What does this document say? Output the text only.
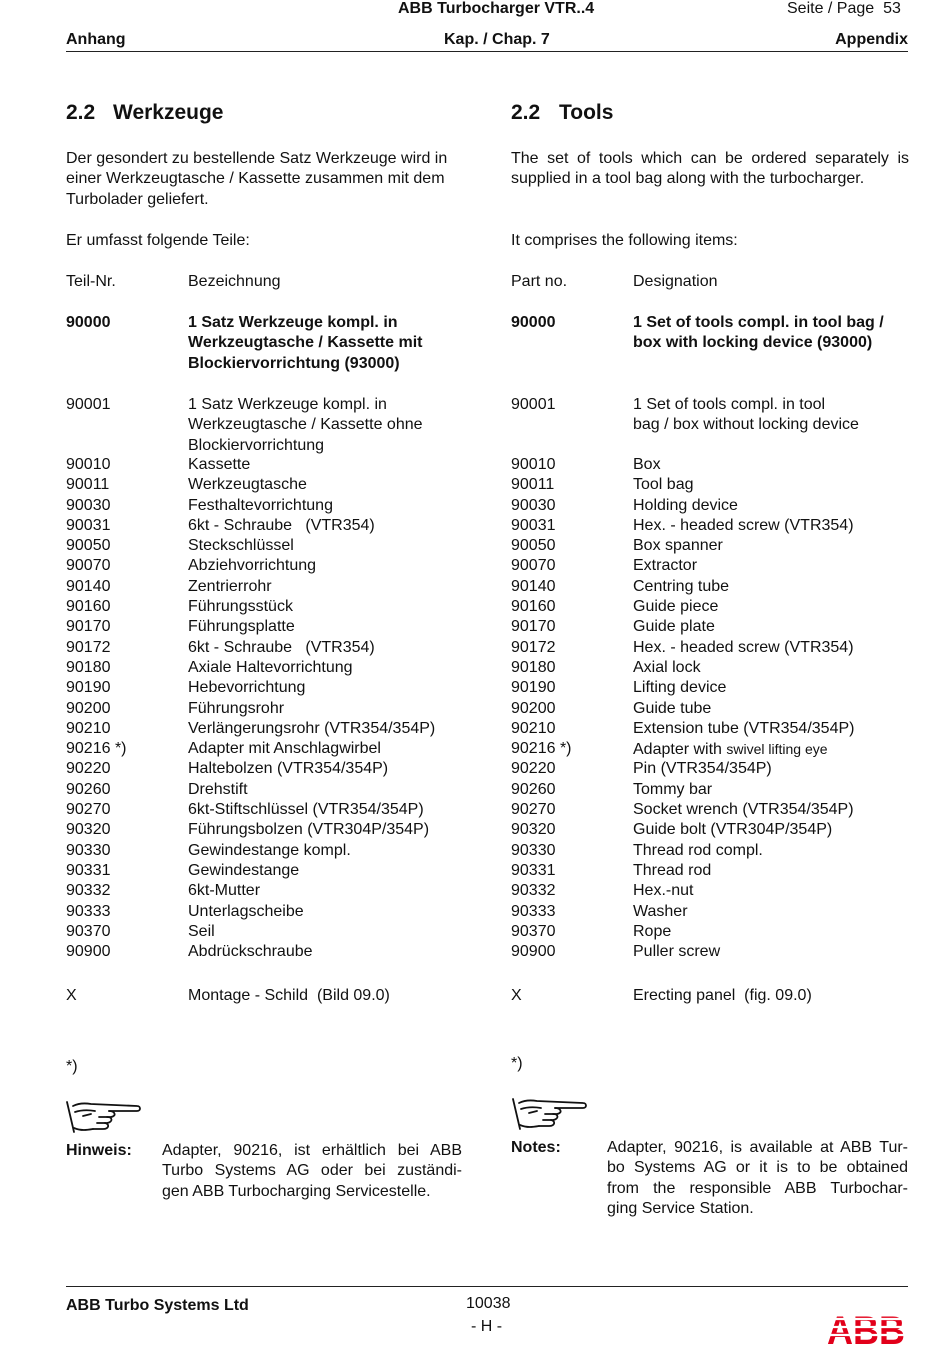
ABB Turbocharger VTR..4	Seite / Page  53
Anhang	Kap. / Chap. 7	Appendix
2.2 Werkzeuge
Der gesondert zu bestellende Satz Werkzeuge wird in
einer Werkzeugtasche / Kassette zusammen mit dem
Turbolader geliefert.
Er umfasst folgende Teile:
Teil-Nr.	Bezeichnung
90000	1 Satz Werkzeuge kompl. in
Werkzeugtasche / Kassette mit
Blockiervorrichtung (93000)
90001	1 Satz Werkzeuge kompl. in
Werkzeugtasche / Kassette ohne
Blockiervorrichtung
90010	Kassette
90011	Werkzeugtasche
90030	Festhaltevorrichtung
90031	6kt - Schraube   (VTR354)
90050	Steckschlüssel
90070	Abziehvorrichtung
90140	Zentrierrohr
90160	Führungsstück
90170	Führungsplatte
90172	6kt - Schraube   (VTR354)
90180	Axiale Haltevorrichtung
90190	Hebevorrichtung
90200	Führungsrohr
90210	Verlängerungsrohr (VTR354/354P)
90216 *)	Adapter mit Anschlagwirbel
90220	Haltebolzen (VTR354/354P)
90260	Drehstift
90270	6kt-Stiftschlüssel (VTR354/354P)
90320	Führungsbolzen (VTR304P/354P)
90330	Gewindestange kompl.
90331	Gewindestange
90332	6kt-Mutter
90333	Unterlagscheibe
90370	Seil
90900	Abdrückschraube
X	Montage - Schild  (Bild 09.0)
*)
Hinweis: Adapter, 90216, ist erhältlich bei ABB
Turbo Systems AG oder bei zuständi-
gen ABB Turbocharging Servicestelle.
2.2 Tools
The set of tools which can be ordered separately is
supplied in a tool bag along with the turbocharger.
It comprises the following items:
Part no.	Designation
90000	1 Set of tools compl. in tool bag /
box with locking device (93000)
90001	1 Set of tools compl. in tool
bag / box without locking device
90010	Box
90011	Tool bag
90030	Holding device
90031	Hex. - headed screw (VTR354)
90050	Box spanner
90070	Extractor
90140	Centring tube
90160	Guide piece
90170	Guide plate
90172	Hex. - headed screw (VTR354)
90180	Axial lock
90190	Lifting device
90200	Guide tube
90210	Extension tube (VTR354/354P)
90216 *)	Adapter with swivel lifting eye
90220	Pin (VTR354/354P)
90260	Tommy bar
90270	Socket wrench (VTR354/354P)
90320	Guide bolt (VTR304P/354P)
90330	Thread rod compl.
90331	Thread rod
90332	Hex.-nut
90333	Washer
90370	Rope
90900	Puller screw
X	Erecting panel  (fig. 09.0)
*)
Notes:	Adapter, 90216, is available at ABB Tur-
bo Systems AG or it is to be obtained
from the responsible ABB Turbochar-
ging Service Station.
ABB Turbo Systems Ltd	10038
- H -	ABB
